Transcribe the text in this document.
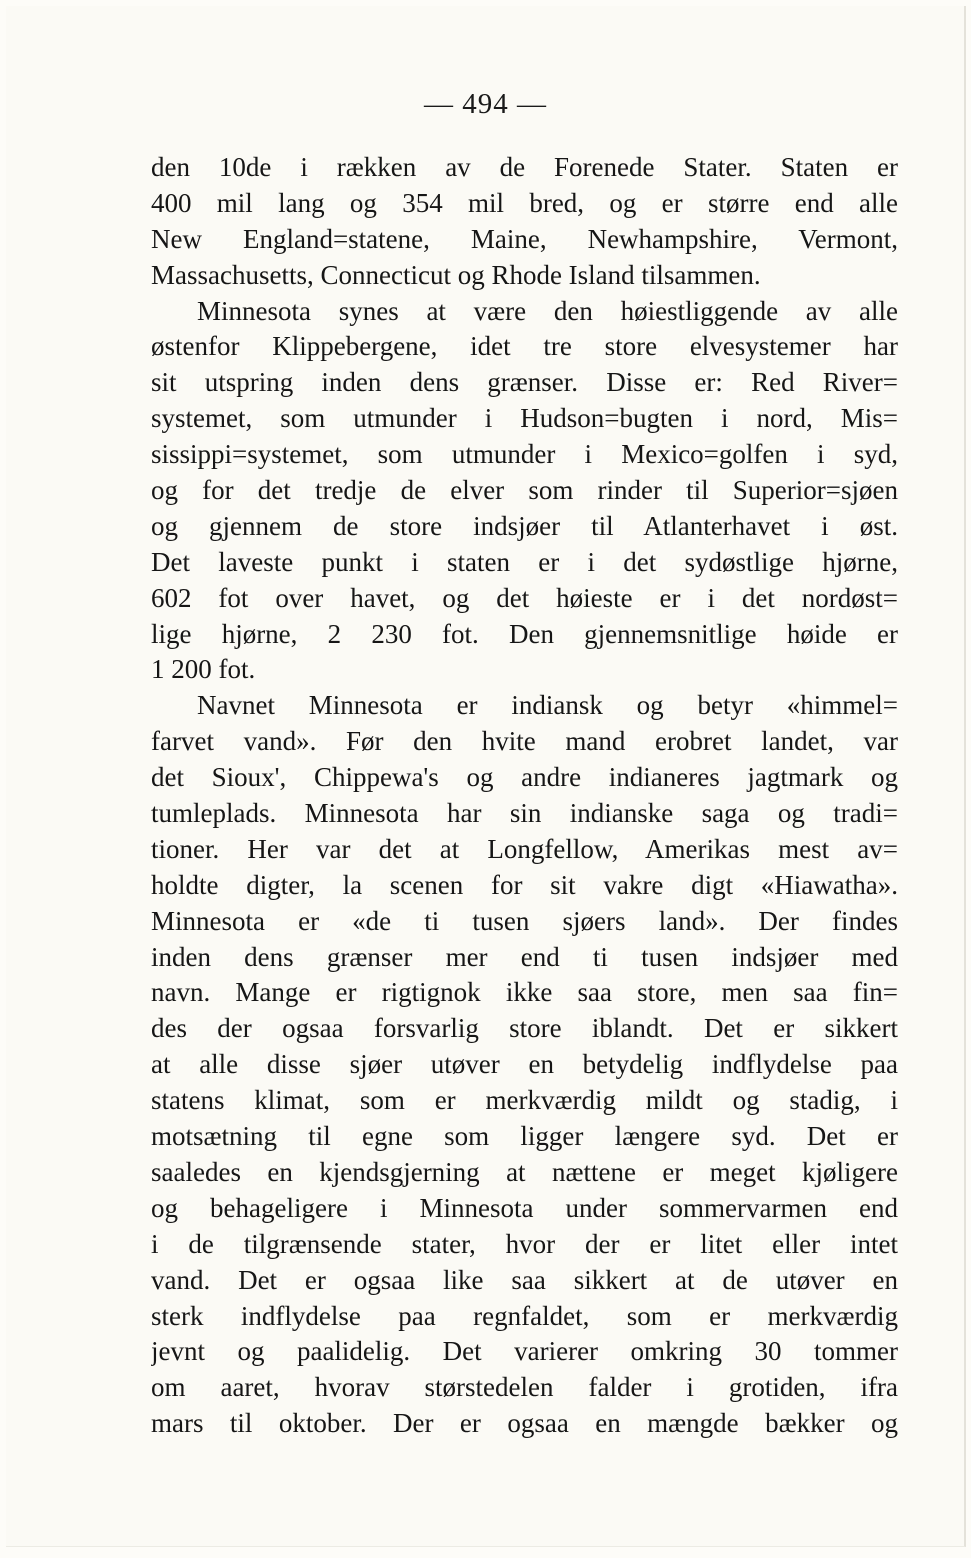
— 494 —
den 10de i rækken av de Forenede Stater. Staten er
400 mil lang og 354 mil bred, og er større end alle
New England=statene, Maine, Newhampshire, Vermont,
Massachusetts, Connecticut og Rhode Island tilsammen.
Minnesota synes at være den høiestliggende av alle
østenfor Klippebergene, idet tre store elvesystemer har
sit utspring inden dens grænser. Disse er: Red River=
systemet, som utmunder i Hudson=bugten i nord, Mis=
sissippi=systemet, som utmunder i Mexico=golfen i syd,
og for det tredje de elver som rinder til Superior=sjøen
og gjennem de store indsjøer til Atlanterhavet i øst.
Det laveste punkt i staten er i det sydøstlige hjørne,
602 fot over havet, og det høieste er i det nordøst=
lige hjørne, 2 230 fot. Den gjennemsnitlige høide er
1 200 fot.
Navnet Minnesota er indiansk og betyr «himmel=
farvet vand». Før den hvite mand erobret landet, var
det Sioux', Chippewa's og andre indianeres jagtmark og
tumleplads. Minnesota har sin indianske saga og tradi=
tioner. Her var det at Longfellow, Amerikas mest av=
holdte digter, la scenen for sit vakre digt «Hiawatha».
Minnesota er «de ti tusen sjøers land». Der findes
inden dens grænser mer end ti tusen indsjøer med
navn. Mange er rigtignok ikke saa store, men saa fin=
des der ogsaa forsvarlig store iblandt. Det er sikkert
at alle disse sjøer utøver en betydelig indflydelse paa
statens klimat, som er merkværdig mildt og stadig, i
motsætning til egne som ligger længere syd. Det er
saaledes en kjendsgjerning at nættene er meget kjøligere
og behageligere i Minnesota under sommervarmen end
i de tilgrænsende stater, hvor der er litet eller intet
vand. Det er ogsaa like saa sikkert at de utøver en
sterk indflydelse paa regnfaldet, som er merkværdig
jevnt og paalidelig. Det varierer omkring 30 tommer
om aaret, hvorav størstedelen falder i grotiden, ifra
mars til oktober. Der er ogsaa en mængde bækker og
